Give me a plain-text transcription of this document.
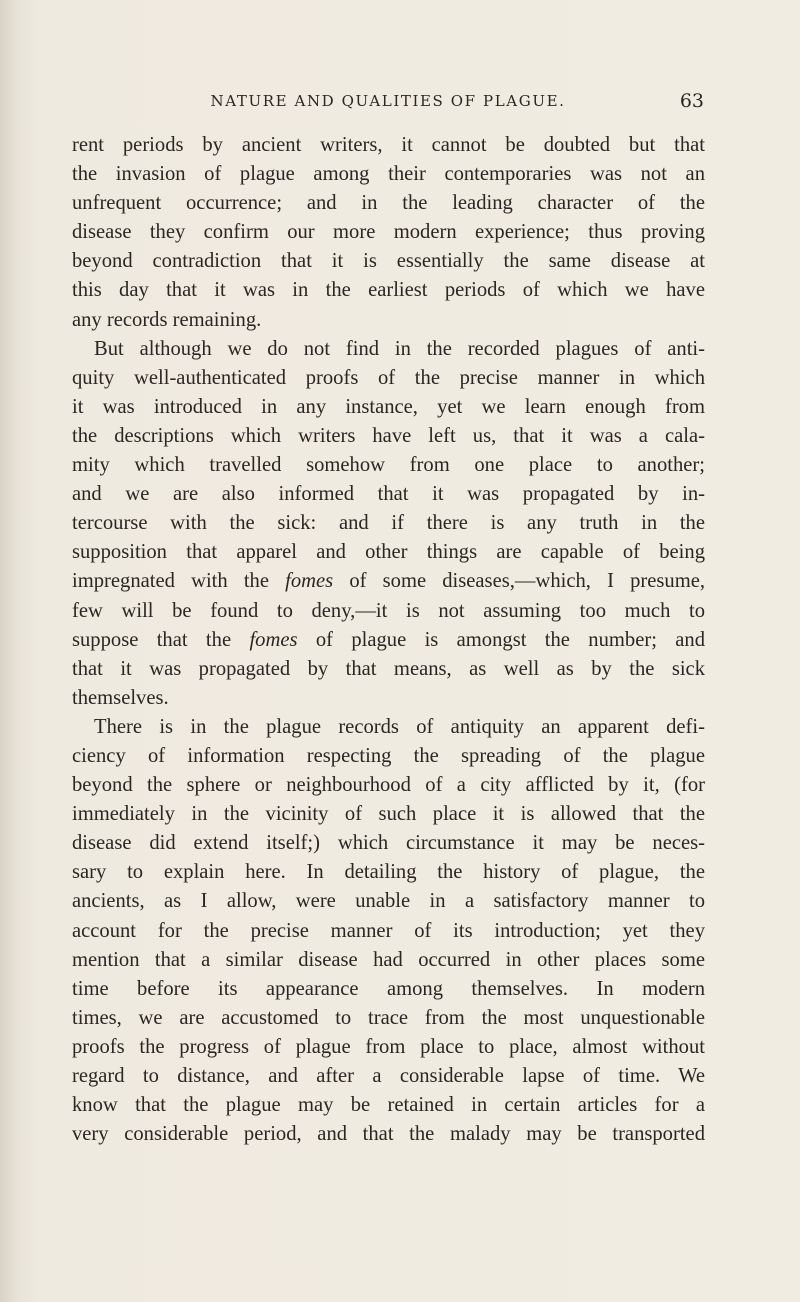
NATURE AND QUALITIES OF PLAGUE.	63
rent periods by ancient writers, it cannot be doubted but that
the invasion of plague among their contemporaries was not an
unfrequent occurrence; and in the leading character of the
disease they confirm our more modern experience; thus proving
beyond contradiction that it is essentially the same disease at
this day that it was in the earliest periods of which we have
any records remaining.
But although we do not find in the recorded plagues of anti-
quity well-authenticated proofs of the precise manner in which
it was introduced in any instance, yet we learn enough from
the descriptions which writers have left us, that it was a cala-
mity which travelled somehow from one place to another;
and we are also informed that it was propagated by in-
tercourse with the sick: and if there is any truth in the
supposition that apparel and other things are capable of being
impregnated with the fomes of some diseases,—which, I presume,
few will be found to deny,—it is not assuming too much to
suppose that the fomes of plague is amongst the number; and
that it was propagated by that means, as well as by the sick
themselves.
There is in the plague records of antiquity an apparent defi-
ciency of information respecting the spreading of the plague
beyond the sphere or neighbourhood of a city afflicted by it, (for
immediately in the vicinity of such place it is allowed that the
disease did extend itself;) which circumstance it may be neces-
sary to explain here. In detailing the history of plague, the
ancients, as I allow, were unable in a satisfactory manner to
account for the precise manner of its introduction; yet they
mention that a similar disease had occurred in other places some
time before its appearance among themselves. In modern
times, we are accustomed to trace from the most unquestionable
proofs the progress of plague from place to place, almost without
regard to distance, and after a considerable lapse of time. We
know that the plague may be retained in certain articles for a
very considerable period, and that the malady may be transported
